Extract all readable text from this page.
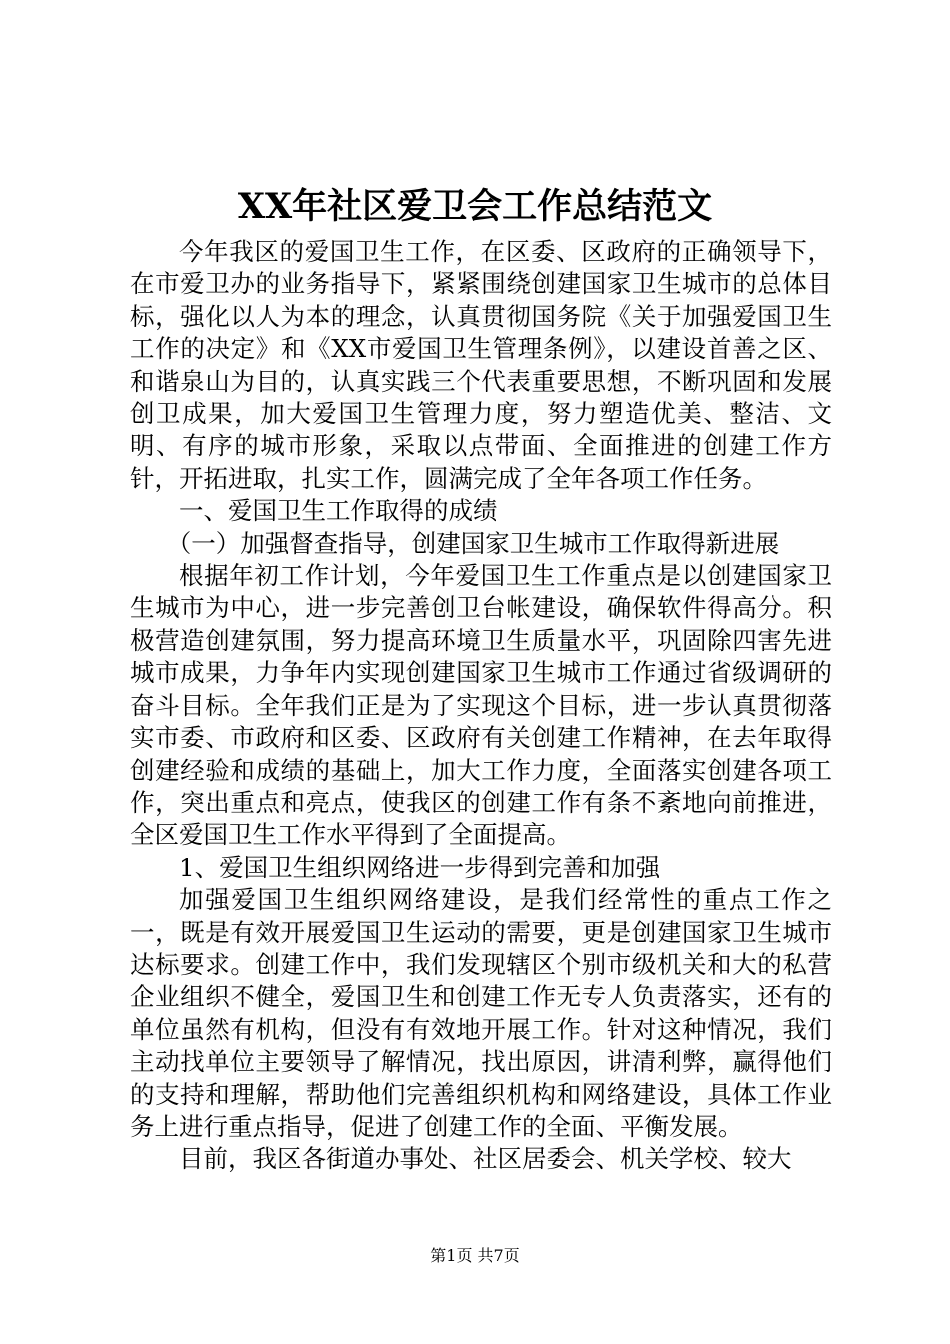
XX年社区爱卫会工作总结范文

今年我区的爱国卫生工作，在区委、区政府的正确领导下，在市爱卫办的业务指导下，紧紧围绕创建国家卫生城市的总体目标，强化以人为本的理念，认真贯彻国务院《关于加强爱国卫生工作的决定》和《XX市爱国卫生管理条例》，以建设首善之区、和谐泉山为目的，认真实践三个代表重要思想，不断巩固和发展创卫成果，加大爱国卫生管理力度，努力塑造优美、整洁、文明、有序的城市形象，采取以点带面、全面推进的创建工作方针，开拓进取，扎实工作，圆满完成了全年各项工作任务。

一、爱国卫生工作取得的成绩

（一）加强督查指导，创建国家卫生城市工作取得新进展

根据年初工作计划，今年爱国卫生工作重点是以创建国家卫生城市为中心，进一步完善创卫台帐建设，确保软件得高分。积极营造创建氛围，努力提高环境卫生质量水平，巩固除四害先进城市成果，力争年内实现创建国家卫生城市工作通过省级调研的奋斗目标。全年我们正是为了实现这个目标，进一步认真贯彻落实市委、市政府和区委、区政府有关创建工作精神，在去年取得创建经验和成绩的基础上，加大工作力度，全面落实创建各项工作，突出重点和亮点，使我区的创建工作有条不紊地向前推进，全区爱国卫生工作水平得到了全面提高。

1、爱国卫生组织网络进一步得到完善和加强

加强爱国卫生组织网络建设，是我们经常性的重点工作之一，既是有效开展爱国卫生运动的需要，更是创建国家卫生城市达标要求。创建工作中，我们发现辖区个别市级机关和大的私营企业组织不健全，爱国卫生和创建工作无专人负责落实，还有的单位虽然有机构，但没有有效地开展工作。针对这种情况，我们主动找单位主要领导了解情况，找出原因，讲清利弊，赢得他们的支持和理解，帮助他们完善组织机构和网络建设，具体工作业务上进行重点指导，促进了创建工作的全面、平衡发展。

目前，我区各街道办事处、社区居委会、机关学校、较大

第1页 共7页
